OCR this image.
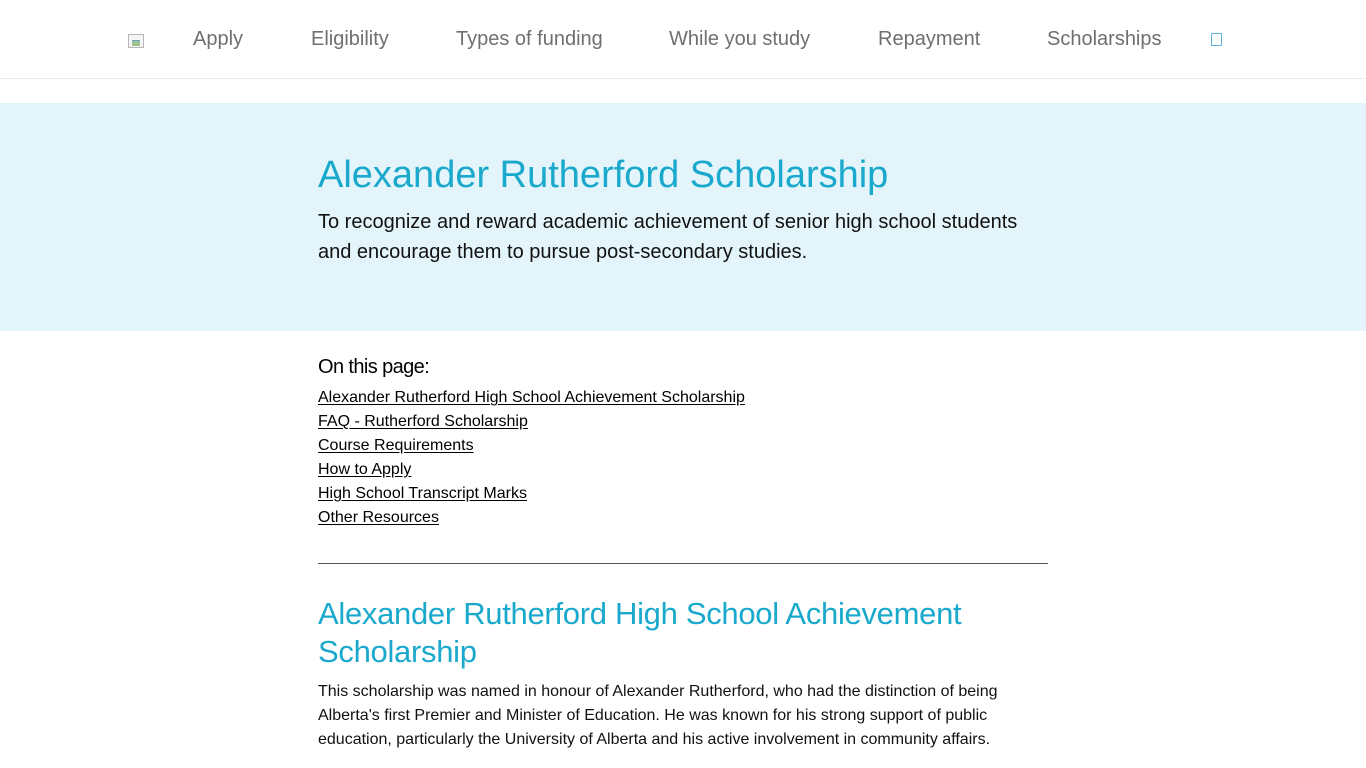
Apply	Eligibility	Types of funding	While you study	Repayment	Scholarships
Alexander Rutherford Scholarship

To recognize and reward academic achievement of senior high school students and encourage them to pursue post-secondary studies.

On this page:
Alexander Rutherford High School Achievement Scholarship
FAQ - Rutherford Scholarship
Course Requirements
How to Apply
High School Transcript Marks
Other Resources
Alexander Rutherford High School Achievement Scholarship

This scholarship was named in honour of Alexander Rutherford, who had the distinction of being Alberta's first Premier and Minister of Education. He was known for his strong support of public education, particularly the University of Alberta and his active involvement in community affairs.
